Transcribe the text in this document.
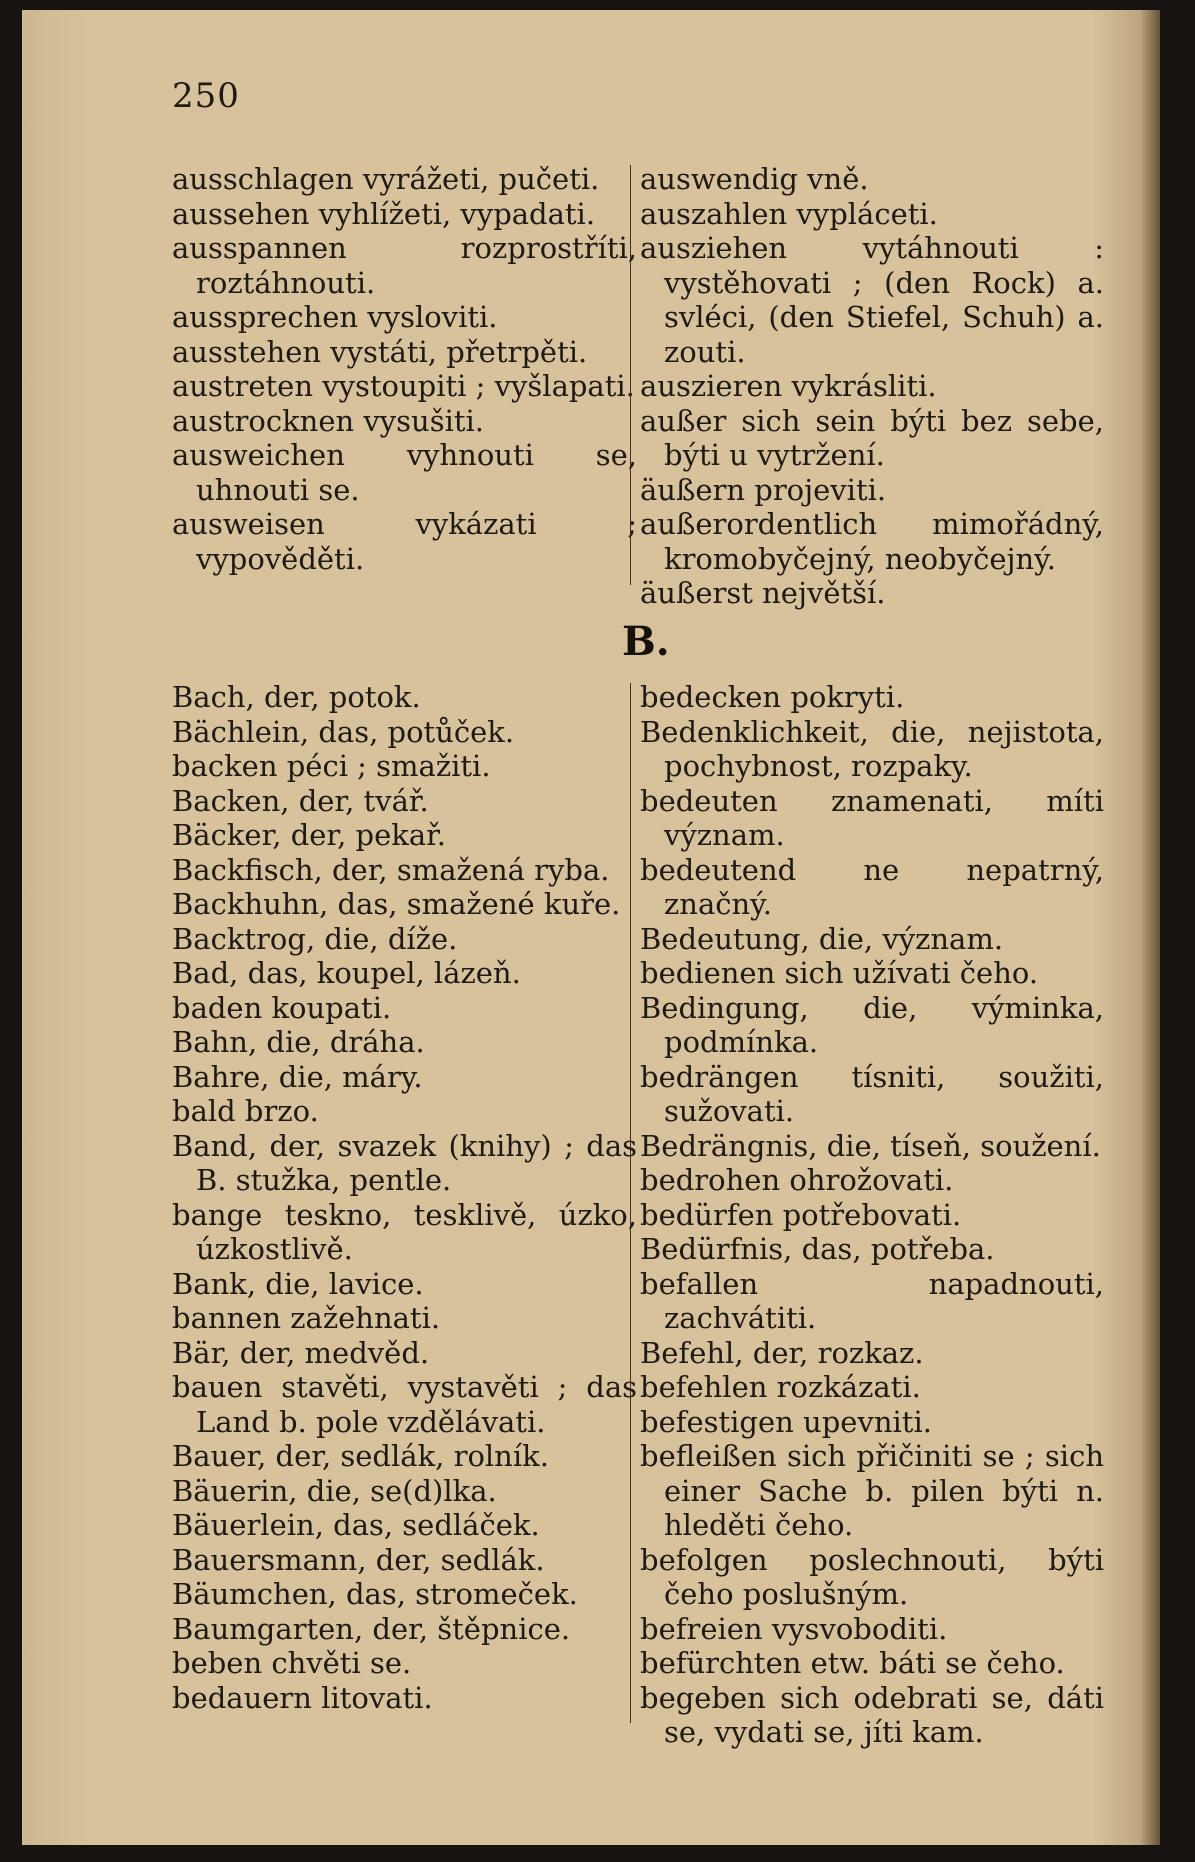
250

ausschlagen vyrážeti, pučeti.

aussehen vyhlížeti, vypadati.

ausspannen rozprostříti, roztáhnouti.

aussprechen vysloviti.

ausstehen vystáti, přetrpěti.

austreten vystoupiti ; vyšlapati.

austrocknen vysušiti.

ausweichen vyhnouti se, uhnouti se.

ausweisen vykázati ; vypověděti.

auswendig vně.

auszahlen vypláceti.

ausziehen vytáhnouti : vystěhovati ; (den Rock) a. svléci, (den Stiefel, Schuh) a. zouti.

auszieren vykrásliti.

außer sich sein býti bez sebe, býti u vytržení.

äußern projeviti.

außerordentlich mimořádný, kromobyčejný, neobyčejný.

äußerst největší.

B.

Bach, der, potok.

Bächlein, das, potůček.

backen péci ; smažiti.

Backen, der, tvář.

Bäcker, der, pekař.

Backfisch, der, smažená ryba.

Backhuhn, das, smažené kuře.

Backtrog, die, díže.

Bad, das, koupel, lázeň.

baden koupati.

Bahn, die, dráha.

Bahre, die, máry.

bald brzo.

Band, der, svazek (knihy) ; das B. stužka, pentle.

bange teskno, tesklivě, úzko, úzkostlivě.

Bank, die, lavice.

bannen zažehnati.

Bär, der, medvěd.

bauen stavěti, vystavěti ; das Land b. pole vzdělávati.

Bauer, der, sedlák, rolník.

Bäuerin, die, se(d)lka.

Bäuerlein, das, sedláček.

Bauersmann, der, sedlák.

Bäumchen, das, stromeček.

Baumgarten, der, štěpnice.

beben chvěti se.

bedauern litovati.

bedecken pokryti.

Bedenklichkeit, die, nejistota, pochybnost, rozpaky.

bedeuten znamenati, míti význam.

bedeutend ne nepatrný, značný.

Bedeutung, die, význam.

bedienen sich užívati čeho.

Bedingung, die, výminka, podmínka.

bedrängen tísniti, soužiti, sužovati.

Bedrängnis, die, tíseň, soužení.

bedrohen ohrožovati.

bedürfen potřebovati.

Bedürfnis, das, potřeba.

befallen napadnouti, zachvátiti.

Befehl, der, rozkaz.

befehlen rozkázati.

befestigen upevniti.

befleißen sich přičiniti se ; sich einer Sache b. pilen býti n. hleděti čeho.

befolgen poslechnouti, býti čeho poslušným.

befreien vysvoboditi.

befürchten etw. báti se čeho.

begeben sich odebrati se, dáti se, vydati se, jíti kam.
